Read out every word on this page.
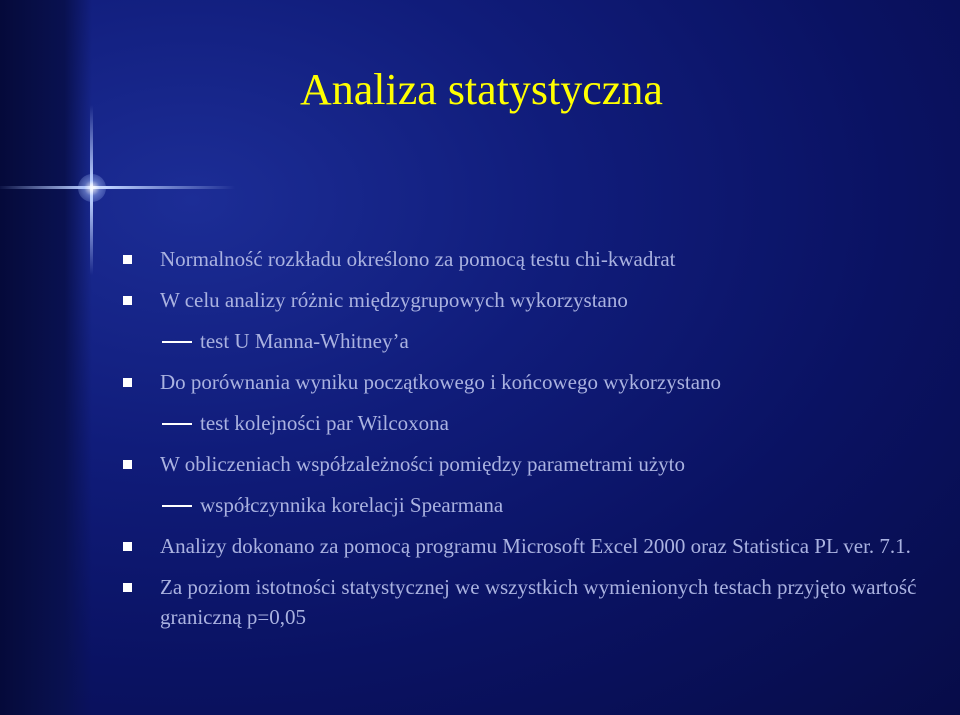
Analiza statystyczna
Normalność rozkładu określono za pomocą testu chi-kwadrat
W celu analizy różnic międzygrupowych wykorzystano
test U Manna-Whitney’a
Do porównania wyniku początkowego i końcowego wykorzystano
test kolejności par Wilcoxona
W obliczeniach współzależności pomiędzy parametrami użyto
współczynnika korelacji Spearmana
Analizy dokonano za pomocą programu Microsoft Excel 2000 oraz Statistica PL ver. 7.1.
Za poziom istotności statystycznej we wszystkich wymienionych testach przyjęto wartość graniczną p=0,05
